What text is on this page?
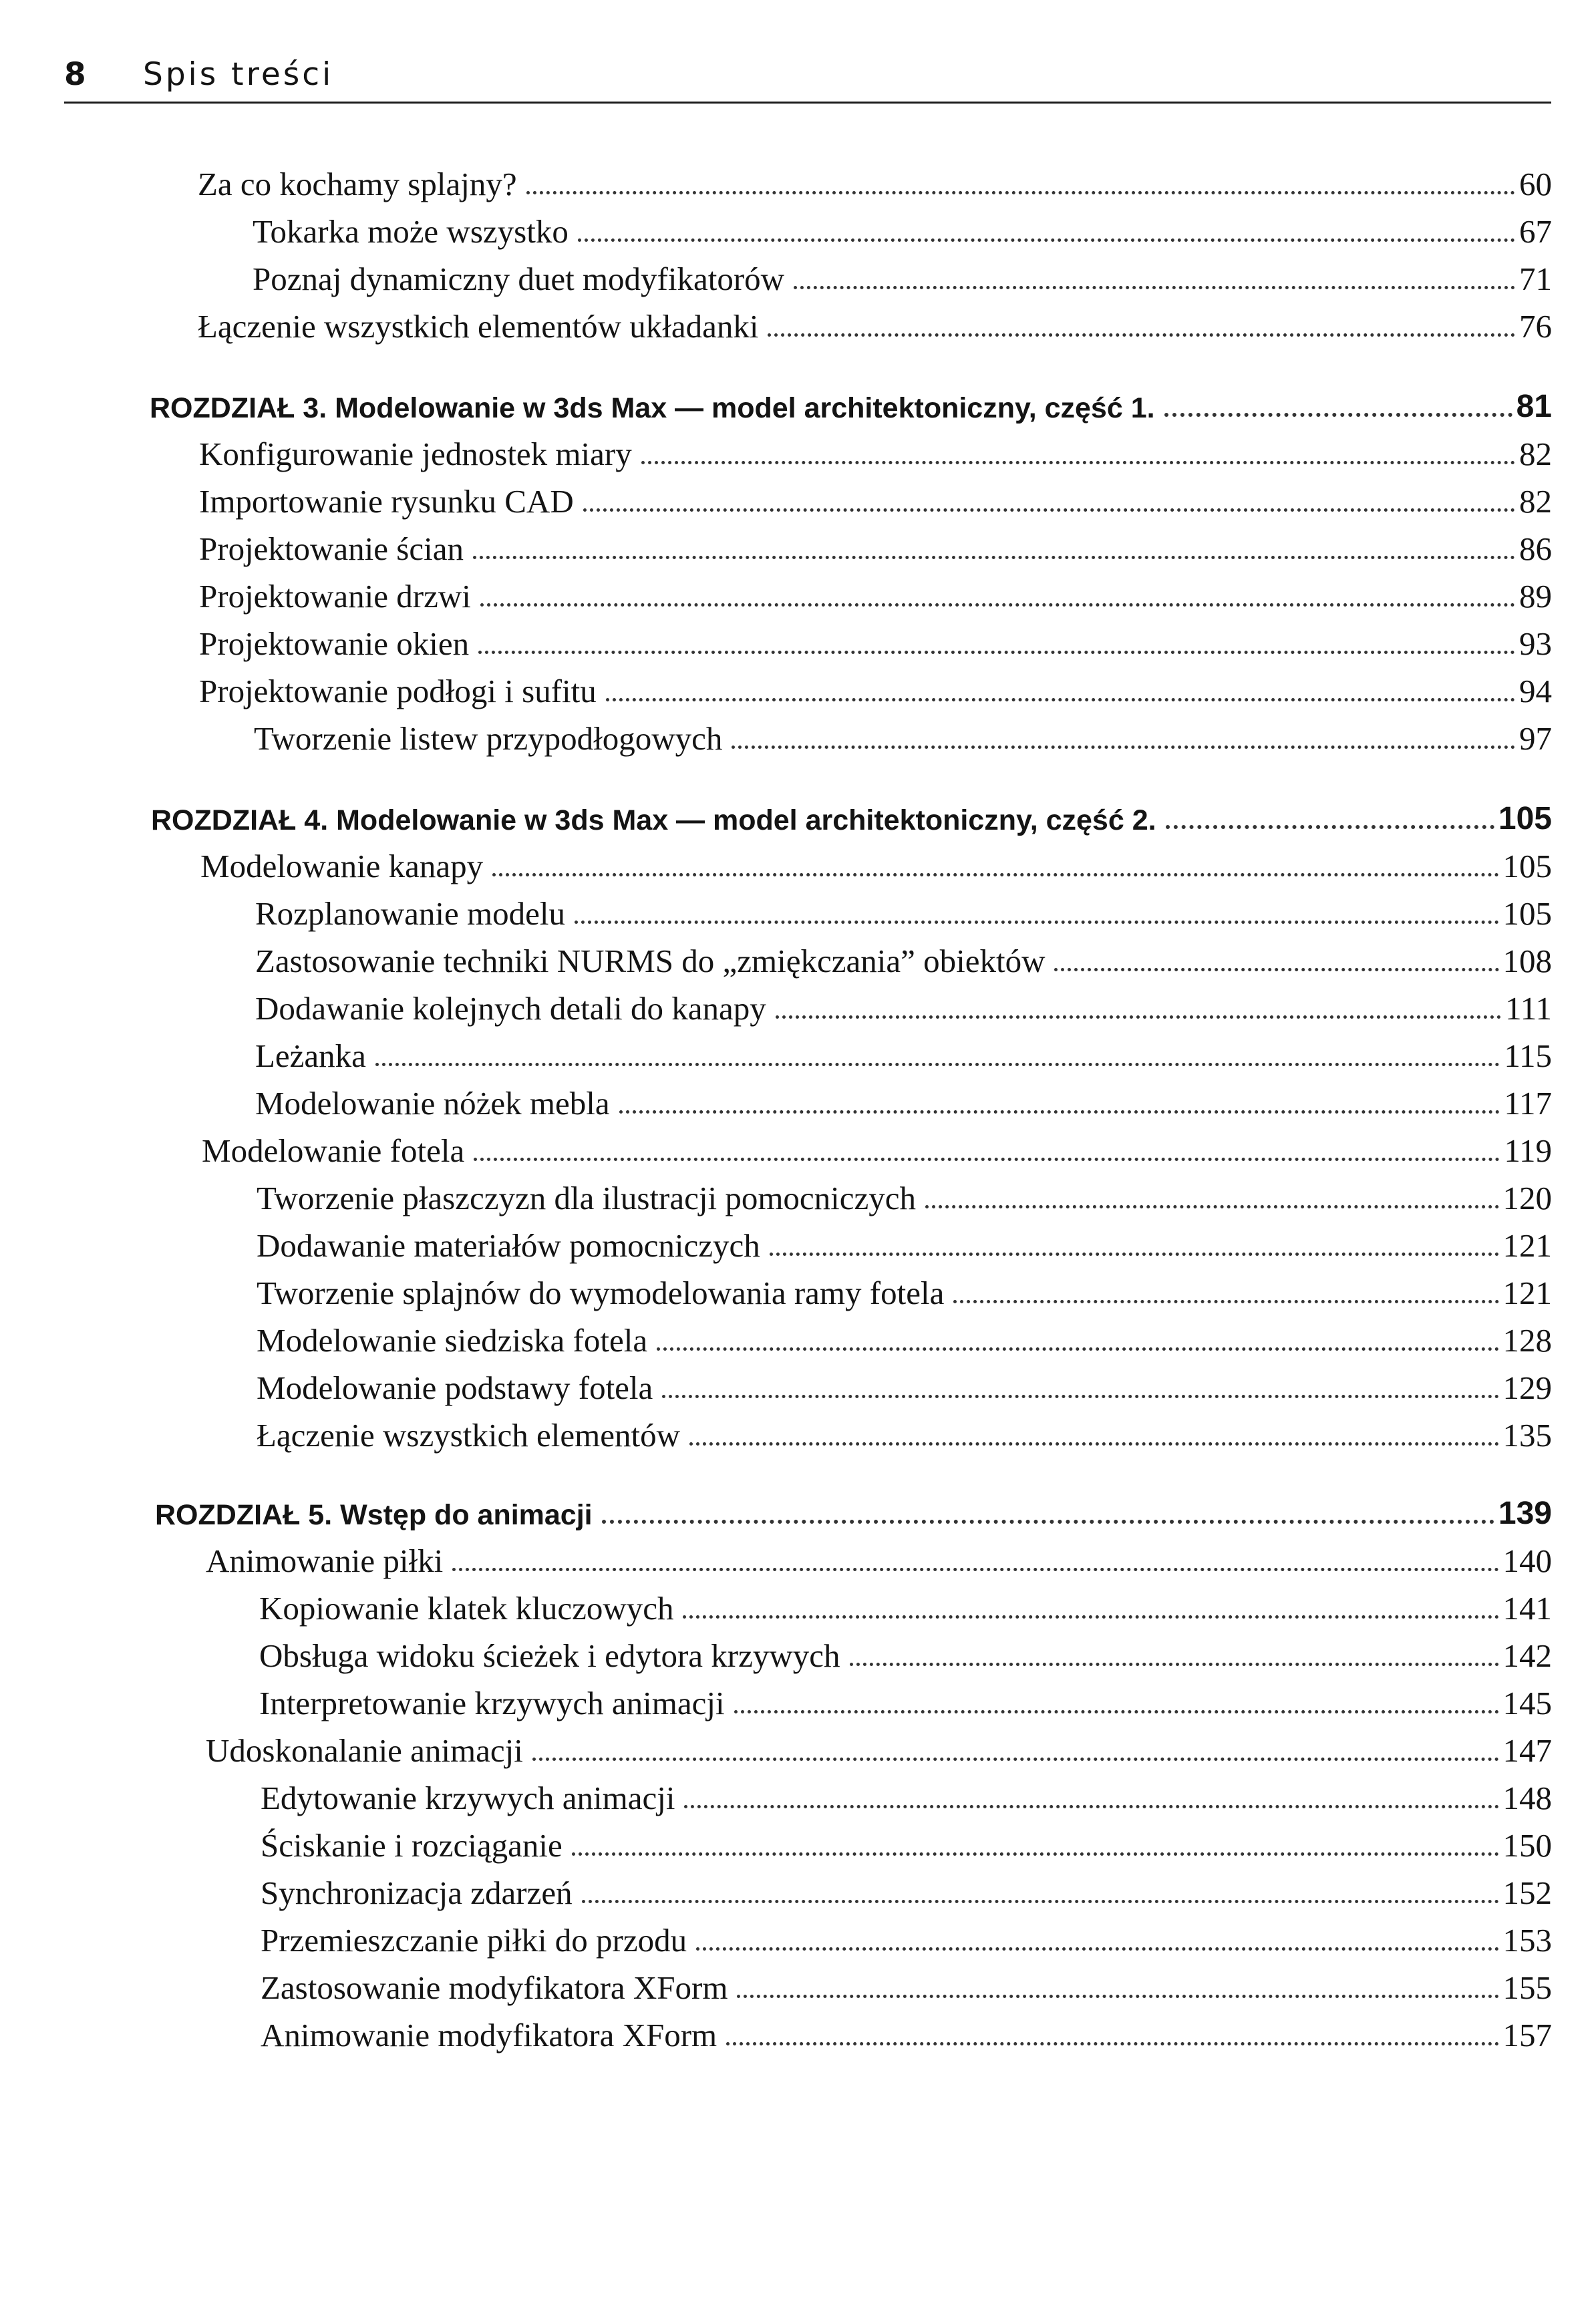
8 Spis treści
Za co kochamy splajny?	60
Tokarka może wszystko	67
Poznaj dynamiczny duet modyfikatorów	71
Łączenie wszystkich elementów układanki	76
ROZDZIAŁ 3. Modelowanie w 3ds Max — model architektoniczny, część 1.	81
Konfigurowanie jednostek miary	82
Importowanie rysunku CAD	82
Projektowanie ścian	86
Projektowanie drzwi	89
Projektowanie okien	93
Projektowanie podłogi i sufitu	94
Tworzenie listew przypodłogowych	97
ROZDZIAŁ 4. Modelowanie w 3ds Max — model architektoniczny, część 2.	105
Modelowanie kanapy	105
Rozplanowanie modelu	105
Zastosowanie techniki NURMS do „zmiękczania” obiektów	108
Dodawanie kolejnych detali do kanapy	111
Leżanka	115
Modelowanie nóżek mebla	117
Modelowanie fotela	119
Tworzenie płaszczyzn dla ilustracji pomocniczych	120
Dodawanie materiałów pomocniczych	121
Tworzenie splajnów do wymodelowania ramy fotela	121
Modelowanie siedziska fotela	128
Modelowanie podstawy fotela	129
Łączenie wszystkich elementów	135
ROZDZIAŁ 5. Wstęp do animacji	139
Animowanie piłki	140
Kopiowanie klatek kluczowych	141
Obsługa widoku ścieżek i edytora krzywych	142
Interpretowanie krzywych animacji	145
Udoskonalanie animacji	147
Edytowanie krzywych animacji	148
Ściskanie i rozciąganie	150
Synchronizacja zdarzeń	152
Przemieszczanie piłki do przodu	153
Zastosowanie modyfikatora XForm	155
Animowanie modyfikatora XForm	157
